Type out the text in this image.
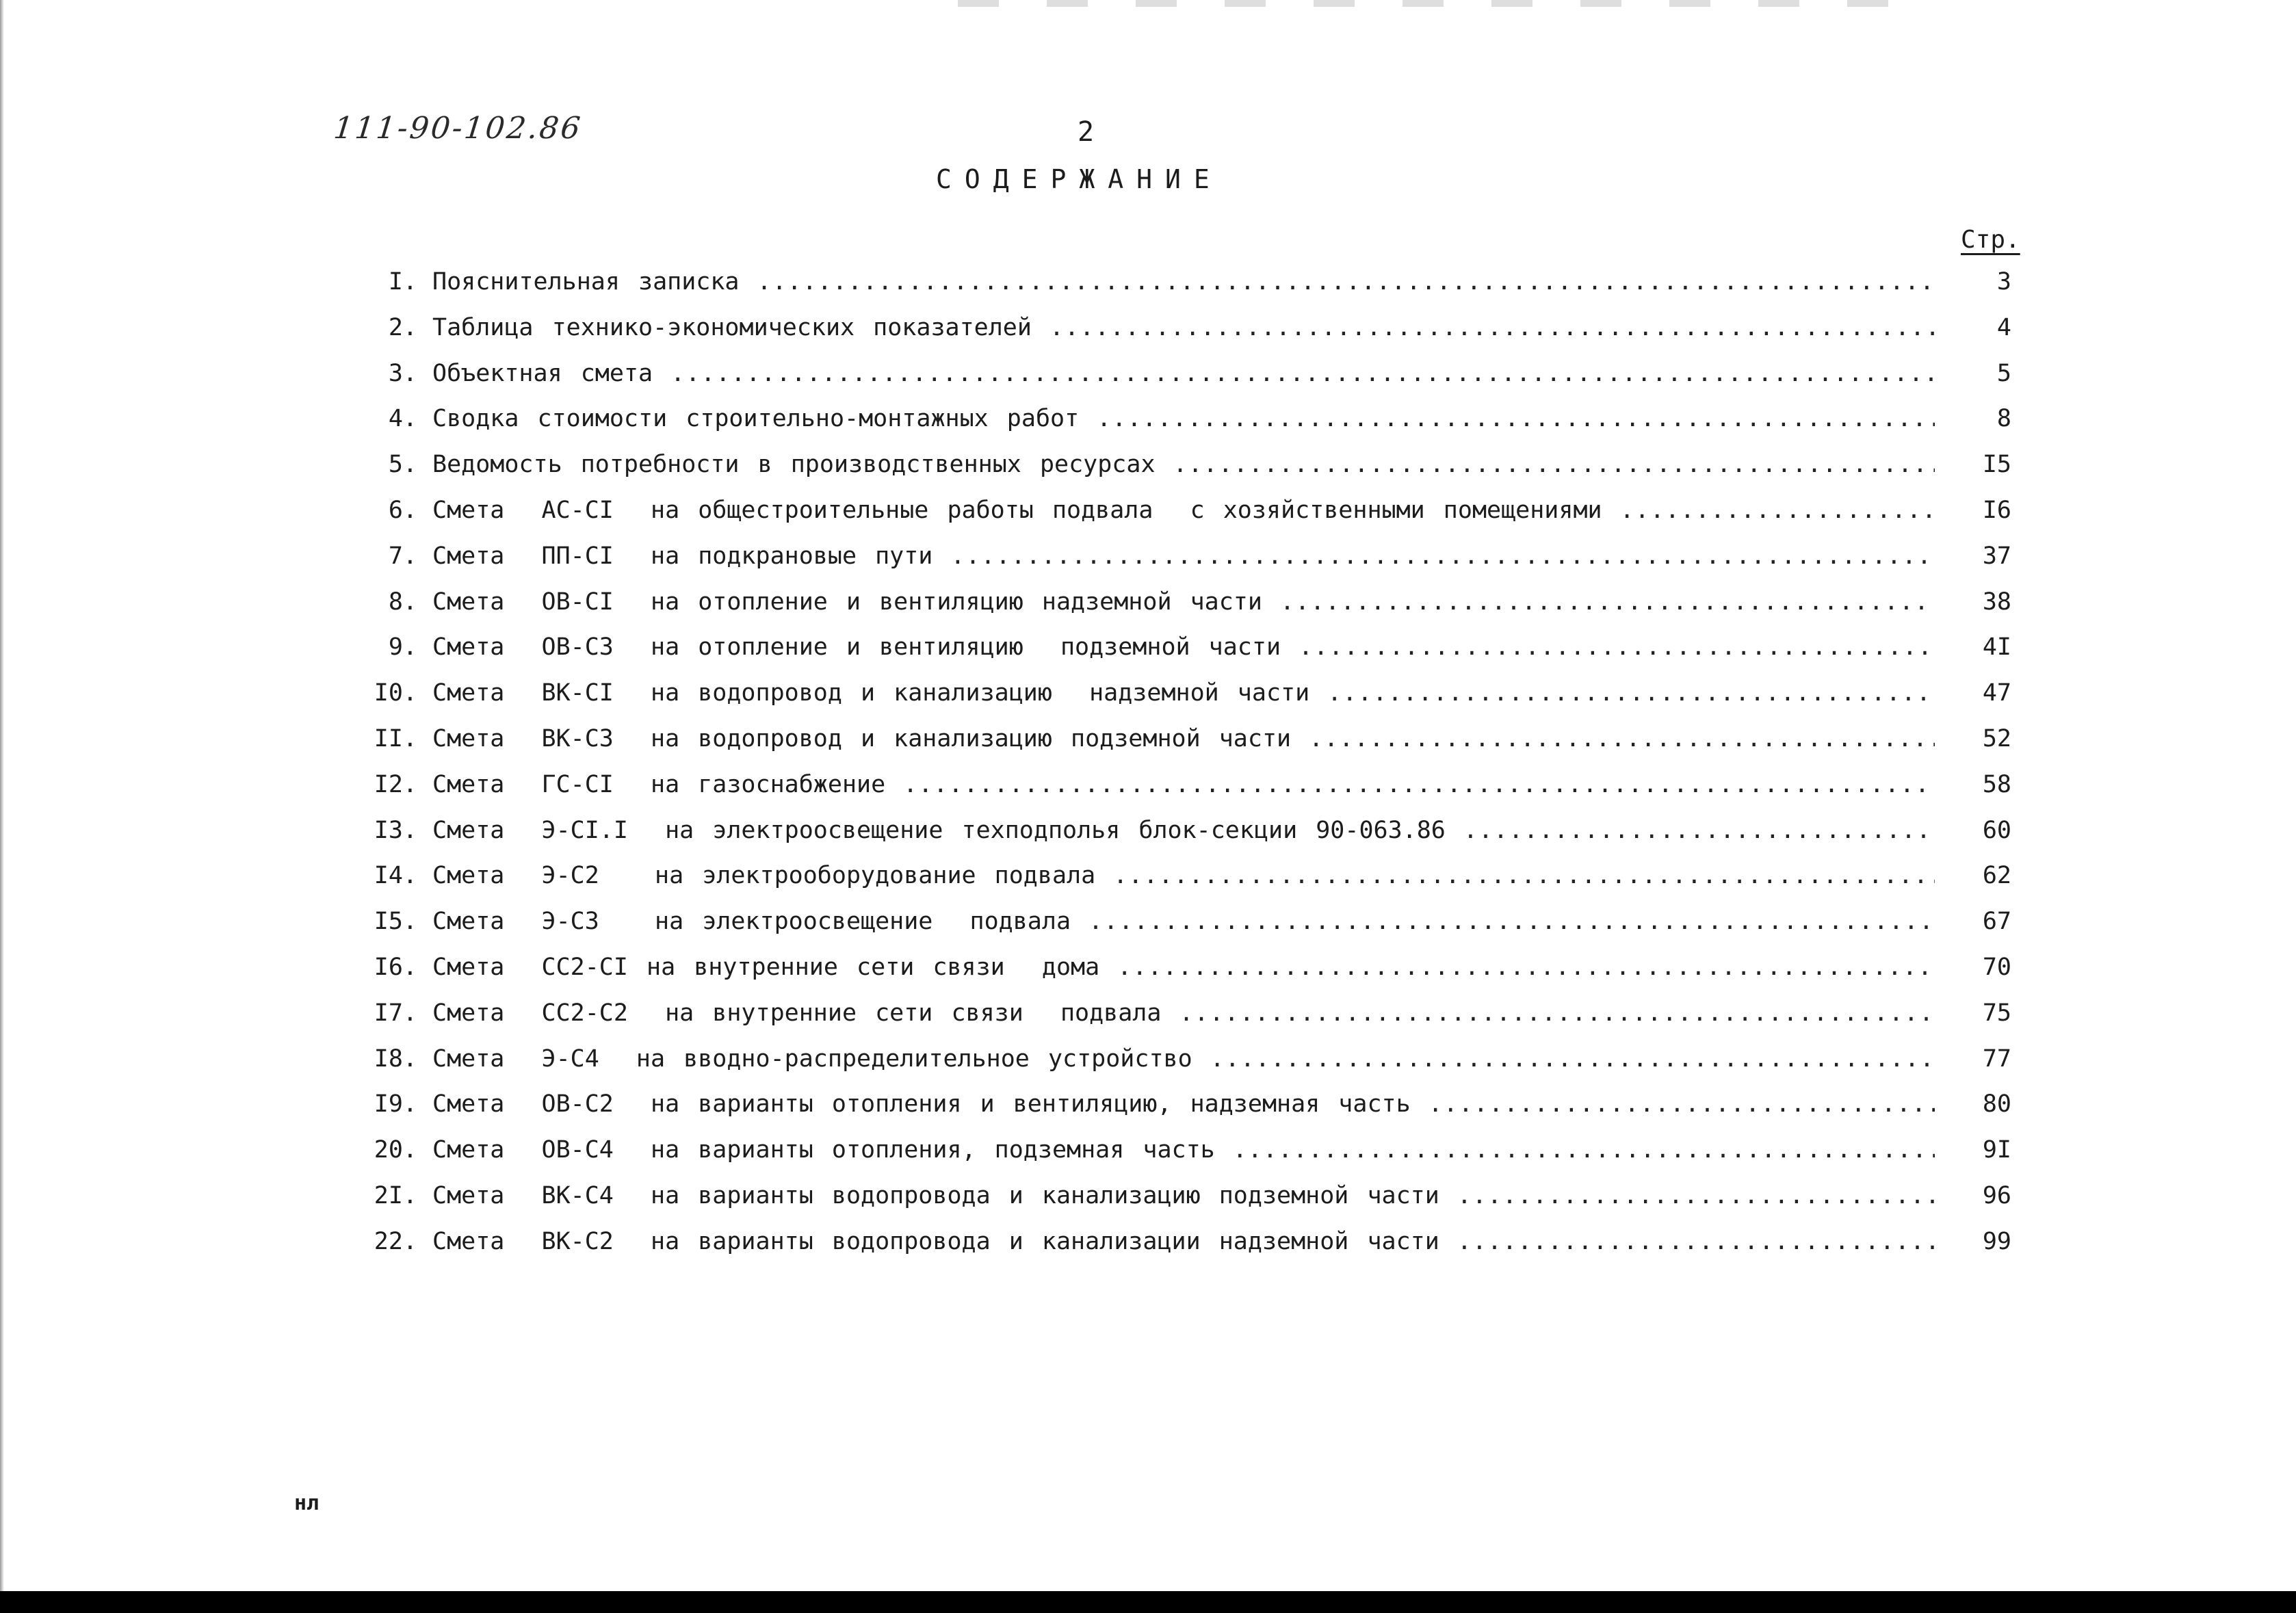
111-90-102.86	2
СОДЕРЖАНИЕ
Стр.
I. Пояснительная записка .....	3
2. Таблица технико-экономических показателей .....	4
3. Объектная смета .....	5
4. Сводка стоимости строительно-монтажных работ .....	8
5. Ведомость потребности в производственных ресурсах .....	I5
6. Смета  АС-СI  на общестроительные работы подвала  с хозяйственными помещениями .....	I6
7. Смета  ПП-СI  на подкрановые пути .....	37
8. Смета  ОВ-СI  на отопление и вентиляцию надземной части .....	38
9. Смета  ОВ-С3  на отопление и вентиляцию  подземной части .....	4I
I0. Смета  ВК-СI  на водопровод и канализацию  надземной части .....	47
II. Смета  ВК-С3  на водопровод и канализацию подземной части .....	52
I2. Смета  ГС-СI  на газоснабжение .....	58
I3. Смета  Э-СI.I  на электроосвещение техподполья блок-секции 90-063.86 .....	60
I4. Смета  Э-С2   на электрооборудование подвала .....	62
I5. Смета  Э-С3   на электроосвещение  подвала .....	67
I6. Смета  СС2-СI на внутренние сети связи  дома .....	70
I7. Смета  СС2-С2  на внутренние сети связи  подвала .....	75
I8. Смета  Э-С4  на вводно-распределительное устройство .....	77
I9. Смета  ОВ-С2  на варианты отопления и вентиляцию, надземная часть .....	80
20. Смета  ОВ-С4  на варианты отопления, подземная часть .....	9I
2I. Смета  ВК-С4  на варианты водопровода и канализацию подземной части .....	96
22. Смета  ВК-С2  на варианты водопровода и канализации надземной части .....	99
нл
